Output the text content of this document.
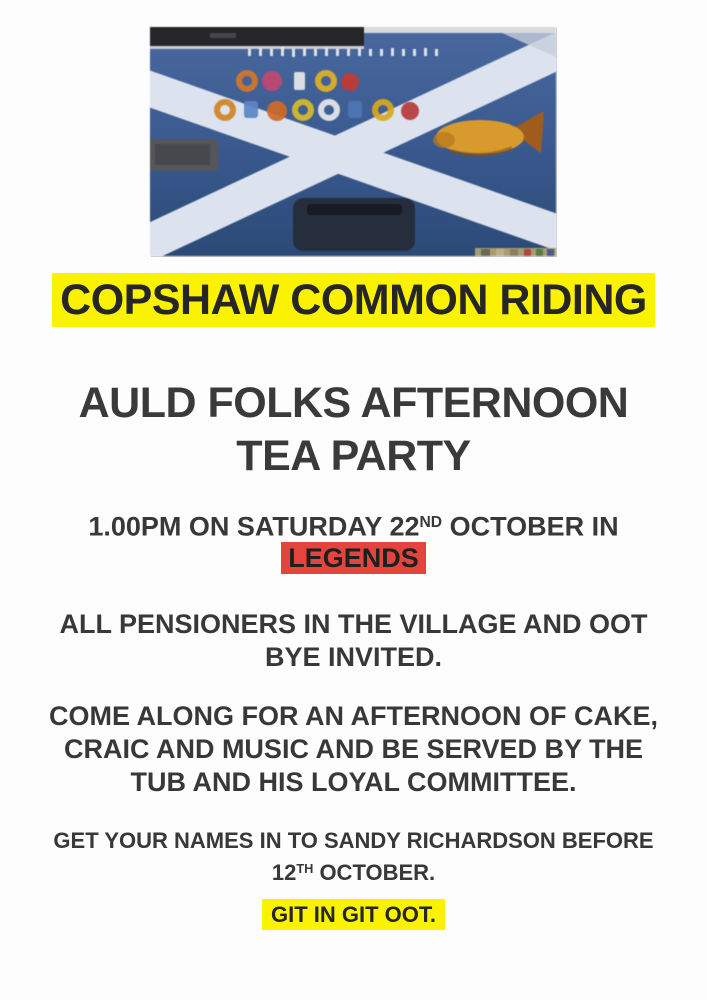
COPSHAW COMMON RIDING
AULD FOLKS AFTERNOON
TEA PARTY
1.00PM ON SATURDAY 22ND OCTOBER IN
LEGENDS
ALL PENSIONERS IN THE VILLAGE AND OOT
BYE INVITED.
COME ALONG FOR AN AFTERNOON OF CAKE,
CRAIC AND MUSIC AND BE SERVED BY THE
TUB AND HIS LOYAL COMMITTEE.
GET YOUR NAMES IN TO SANDY RICHARDSON BEFORE
12TH OCTOBER.
GIT IN GIT OOT.
